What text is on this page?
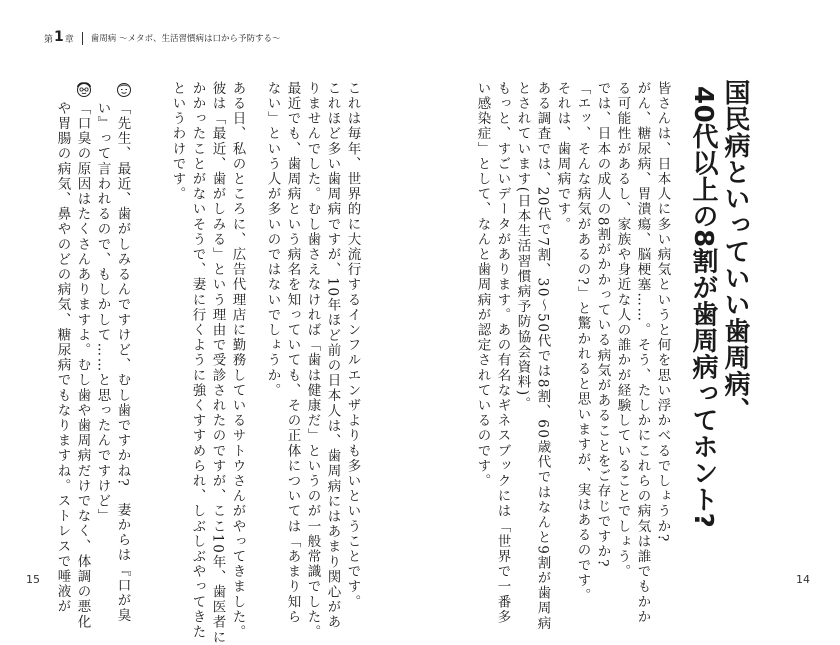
第 1 章 歯周病 〜メタボ、生活習慣病は口から予防する〜
国民病といっていい歯周病、
40代以上の8割が歯周病ってホント?
皆さんは、日本人に多い病気というと何を思い浮かべるでしょうか?
がん、糖尿病、胃潰瘍、脳梗塞……。そう、たしかにこれらの病気は誰でもかか
る可能性があるし、家族や身近な人の誰かが経験していることでしょう。
では、日本の成人の8割がかかっている病気があることをご存じですか?
「エッ、そんな病気があるの?」と驚かれると思いますが、実はあるのです。
それは、歯周病です。
ある調査では、20代で7割、30〜50代では8割、60歳代ではなんと9割が歯周病
とされています(日本生活習慣病予防協会資料)。
もっと、すごいデータがあります。あの有名なギネスブックには「世界で一番多
い感染症」として、なんと歯周病が認定されているのです。
これは毎年、世界的に大流行するインフルエンザよりも多いということです。
これほど多い歯周病ですが、10年ほど前の日本人は、歯周病にはあまり関心があ
りませんでした。むし歯さえなければ「歯は健康だ」というのが一般常識でした。
最近でも、歯周病という病名を知っていても、その正体については「あまり知ら
ない」という人が多いのではないでしょうか。
ある日、私のところに、広告代理店に勤務しているサトウさんがやってきました。
彼は「最近、歯がしみる」という理由で受診されたのですが、ここ10年、歯医者に
かかったことがないそうで、妻に行くように強くすすめられ、しぶしぶやってきた
というわけです。
「先生、最近、歯がしみるんですけど、むし歯ですかね?　妻からは『口が臭
い』って言われるので、もしかして……と思ったんですけど」
「口臭の原因はたくさんありますよ。むし歯や歯周病だけでなく、体調の悪化
や胃腸の病気、鼻やのどの病気、糖尿病でもなりますね。ストレスで唾液が
15	14
